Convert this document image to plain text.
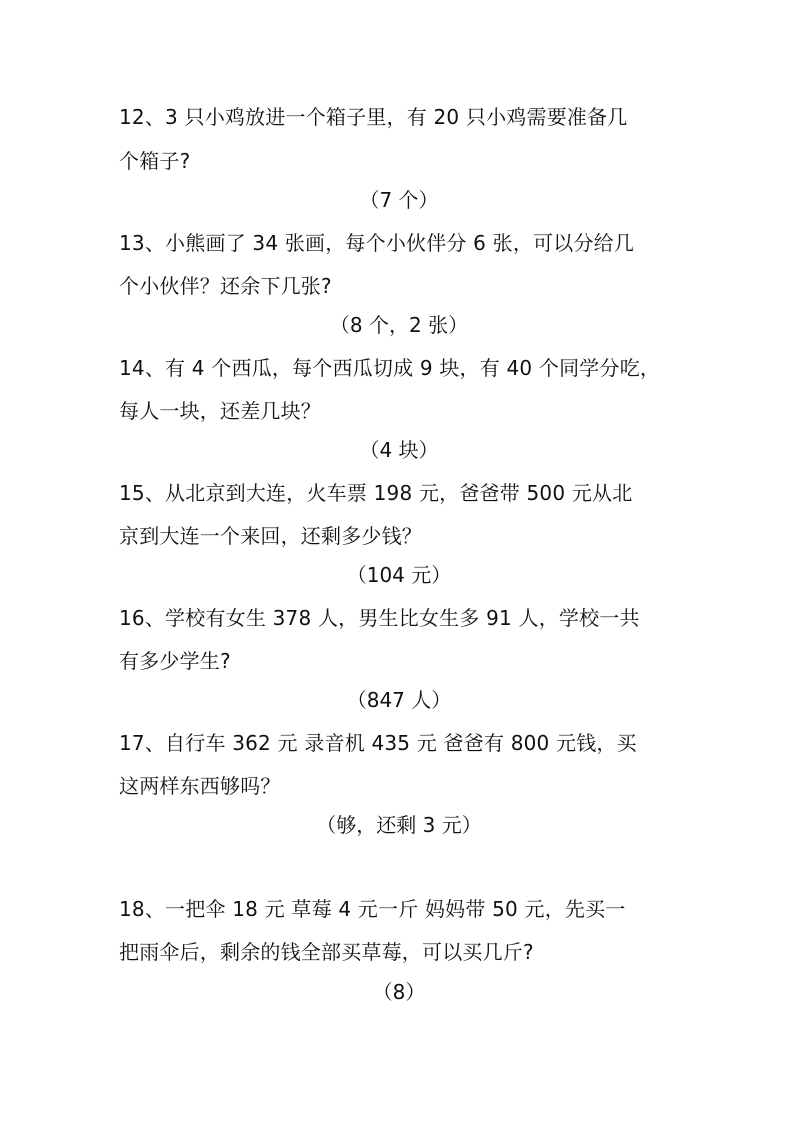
12、3 只小鸡放进一个箱子里，有 20 只小鸡需要准备几
个箱子?
（7 个）
13、小熊画了 34 张画，每个小伙伴分 6 张，可以分给几
个小伙伴？还余下几张?
（8 个，2 张）
14、有 4 个西瓜，每个西瓜切成 9 块，有 40 个同学分吃，
每人一块，还差几块？
（4 块）
15、从北京到大连，火车票 198 元，爸爸带 500 元从北
京到大连一个来回，还剩多少钱？
（104 元）
16、学校有女生 378 人，男生比女生多 91 人，学校一共
有多少学生?
（847 人）
17、自行车 362 元 录音机 435 元 爸爸有 800 元钱，买
这两样东西够吗？
（够，还剩 3 元）
18、一把伞 18 元 草莓 4 元一斤 妈妈带 50 元，先买一
把雨伞后，剩余的钱全部买草莓，可以买几斤?
（8）
